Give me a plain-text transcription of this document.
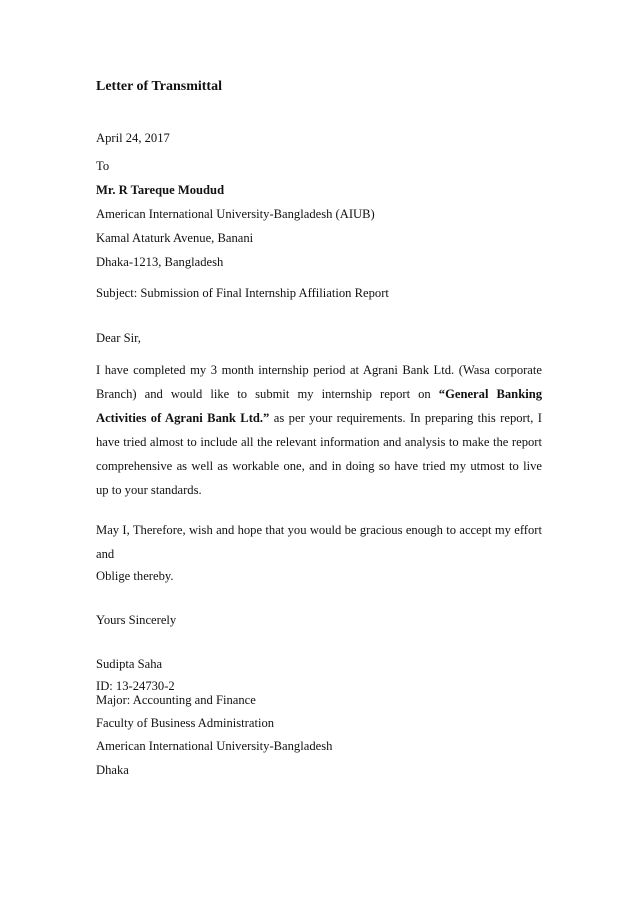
Letter of Transmittal
April 24, 2017
To
Mr. R Tareque Moudud
American International University-Bangladesh (AIUB)
Kamal Ataturk Avenue, Banani
Dhaka-1213, Bangladesh
Subject: Submission of Final Internship Affiliation Report
Dear Sir,
I have completed my 3 month internship period at Agrani Bank Ltd. (Wasa corporate
Branch) and would like to submit my internship report on “General Banking
Activities of Agrani Bank Ltd.” as per your requirements. In preparing this report, I
have tried almost to include all the relevant information and analysis to make the report
comprehensive as well as workable one, and in doing so have tried my utmost to live
up to your standards.
May I, Therefore, wish and hope that you would be gracious enough to accept my effort
and
Oblige thereby.
Yours Sincerely
Sudipta Saha
ID: 13-24730-2
Major: Accounting and Finance
Faculty of Business Administration
American International University-Bangladesh
Dhaka
